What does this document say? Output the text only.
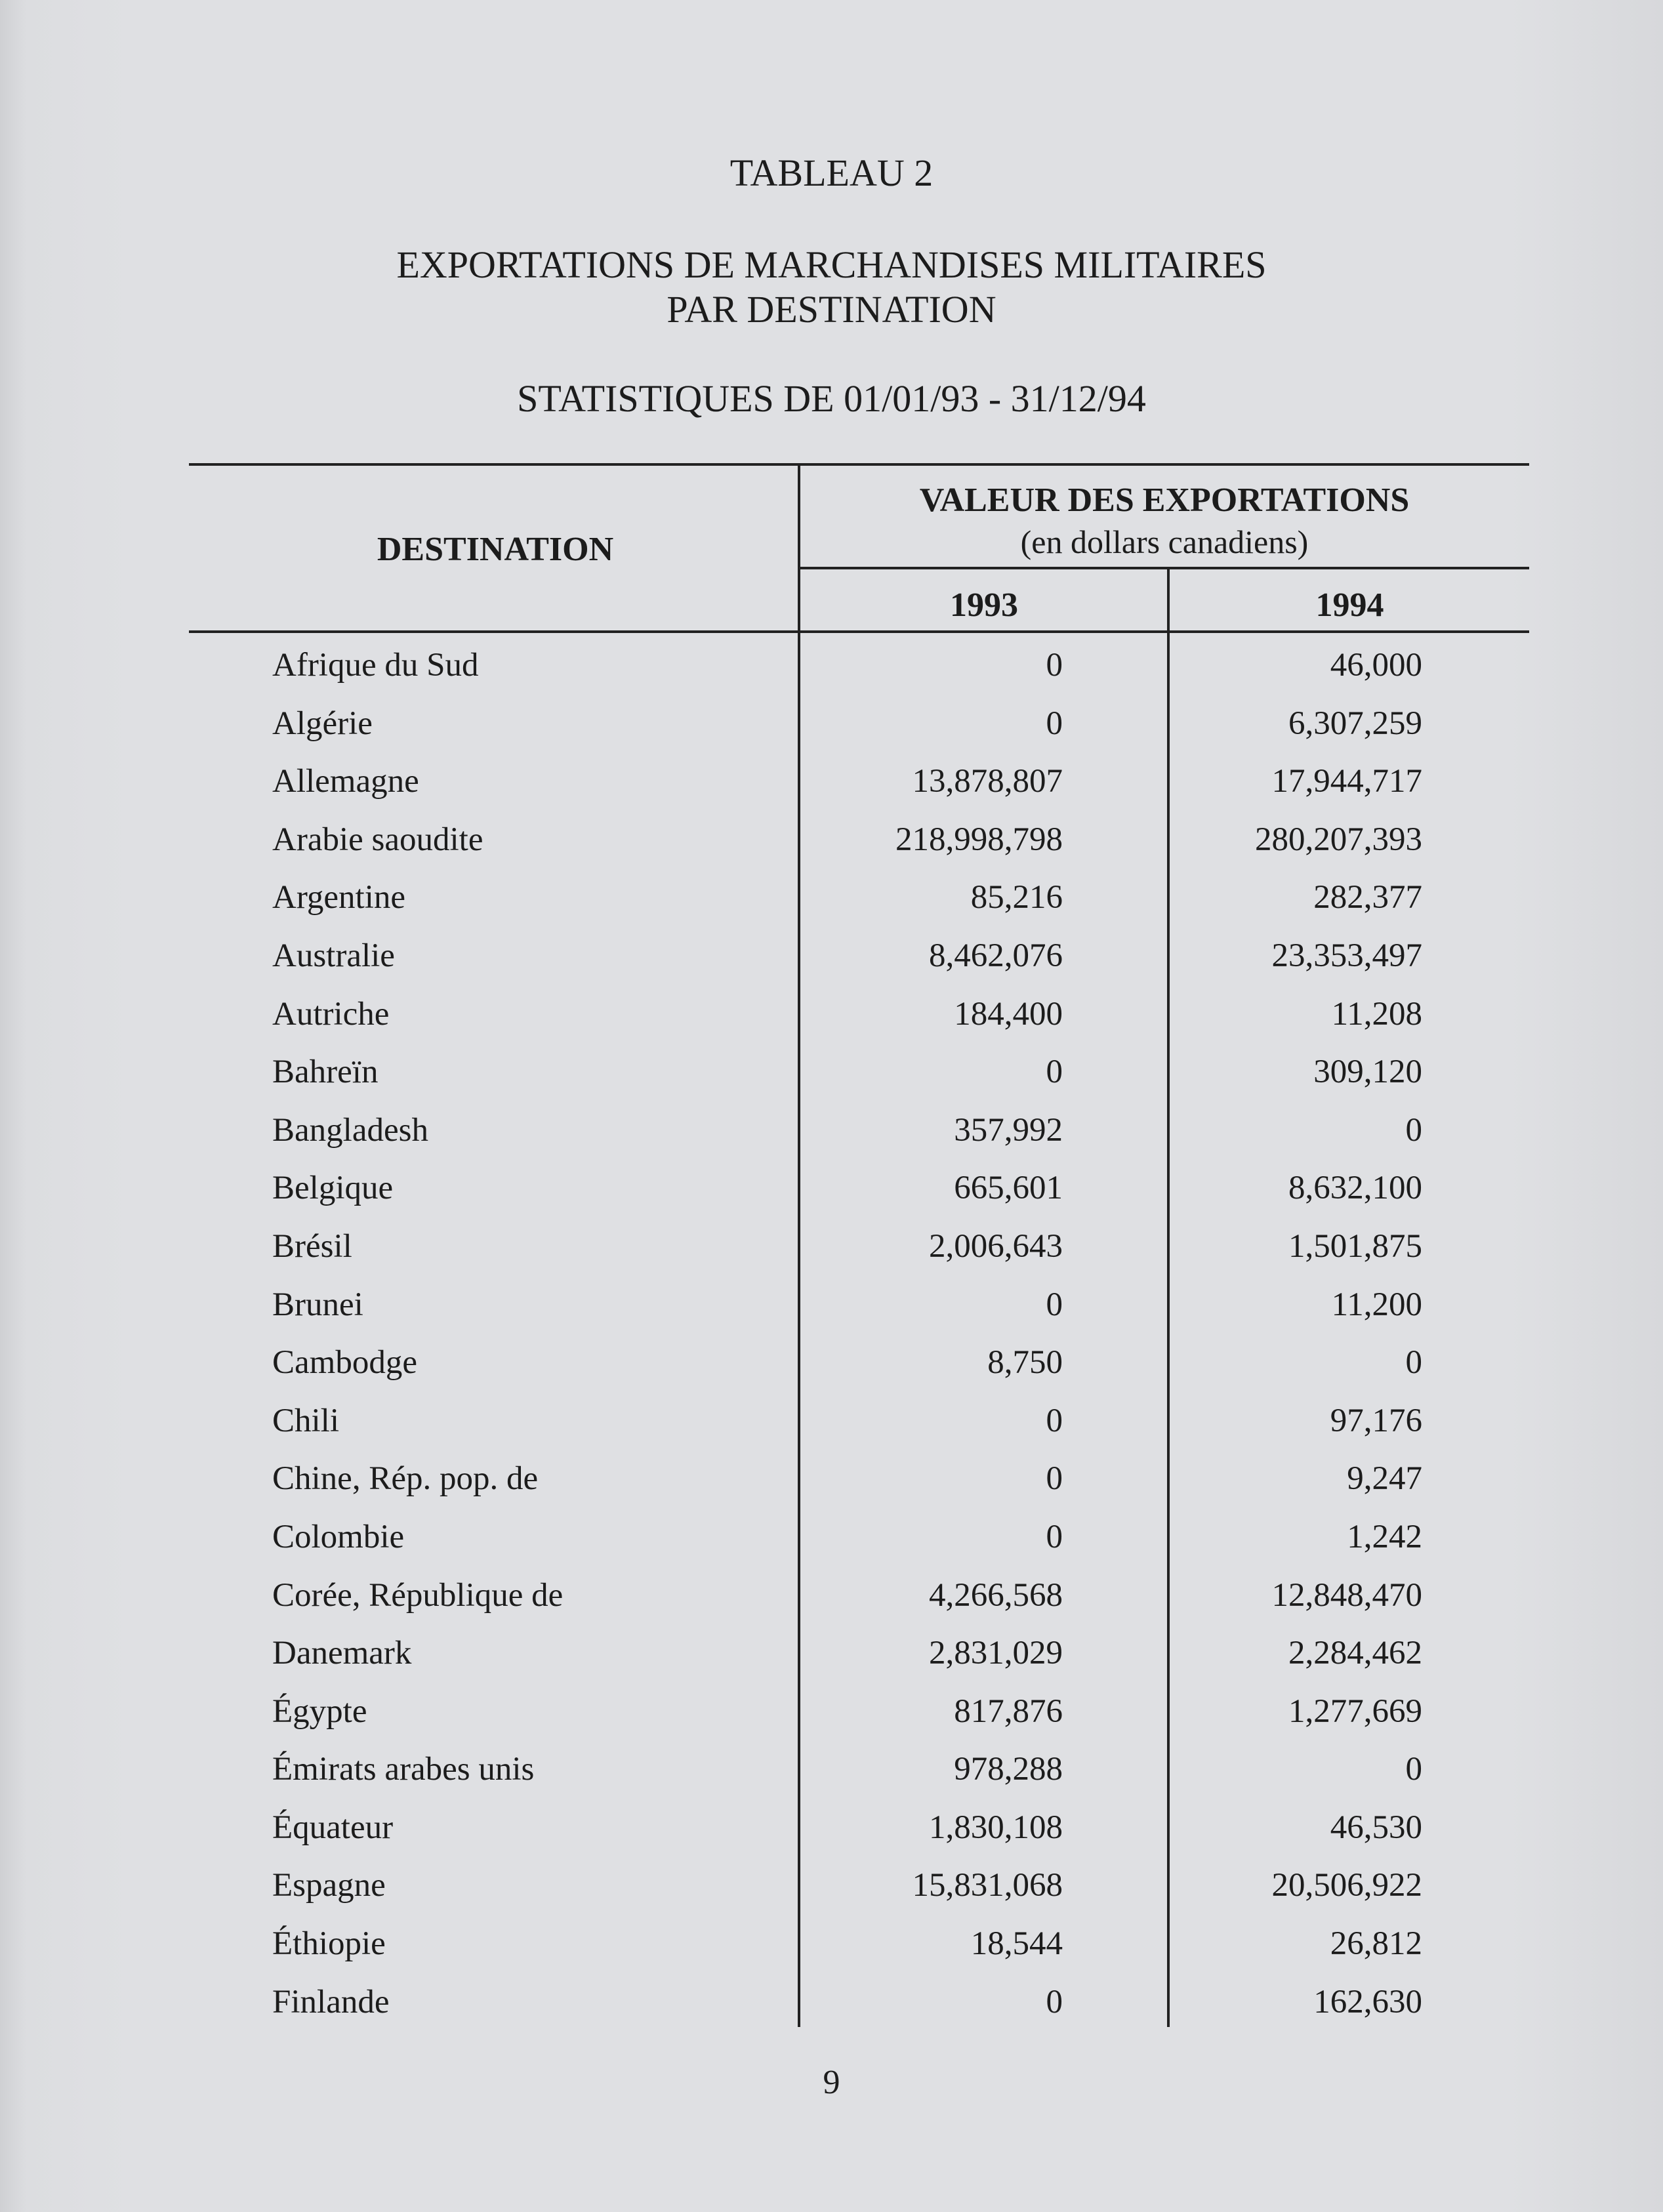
TABLEAU 2
EXPORTATIONS DE MARCHANDISES MILITAIRES
PAR DESTINATION
STATISTIQUES DE 01/01/93 - 31/12/94
DESTINATION
VALEUR DES EXPORTATIONS
(en dollars canadiens)
1993	1994
Afrique du Sud	0	46,000
Algérie	0	6,307,259
Allemagne	13,878,807	17,944,717
Arabie saoudite	218,998,798	280,207,393
Argentine	85,216	282,377
Australie	8,462,076	23,353,497
Autriche	184,400	11,208
Bahreïn	0	309,120
Bangladesh	357,992	0
Belgique	665,601	8,632,100
Brésil	2,006,643	1,501,875
Brunei	0	11,200
Cambodge	8,750	0
Chili	0	97,176
Chine, Rép. pop. de	0	9,247
Colombie	0	1,242
Corée, République de	4,266,568	12,848,470
Danemark	2,831,029	2,284,462
Égypte	817,876	1,277,669
Émirats arabes unis	978,288	0
Équateur	1,830,108	46,530
Espagne	15,831,068	20,506,922
Éthiopie	18,544	26,812
Finlande	0	162,630
9
